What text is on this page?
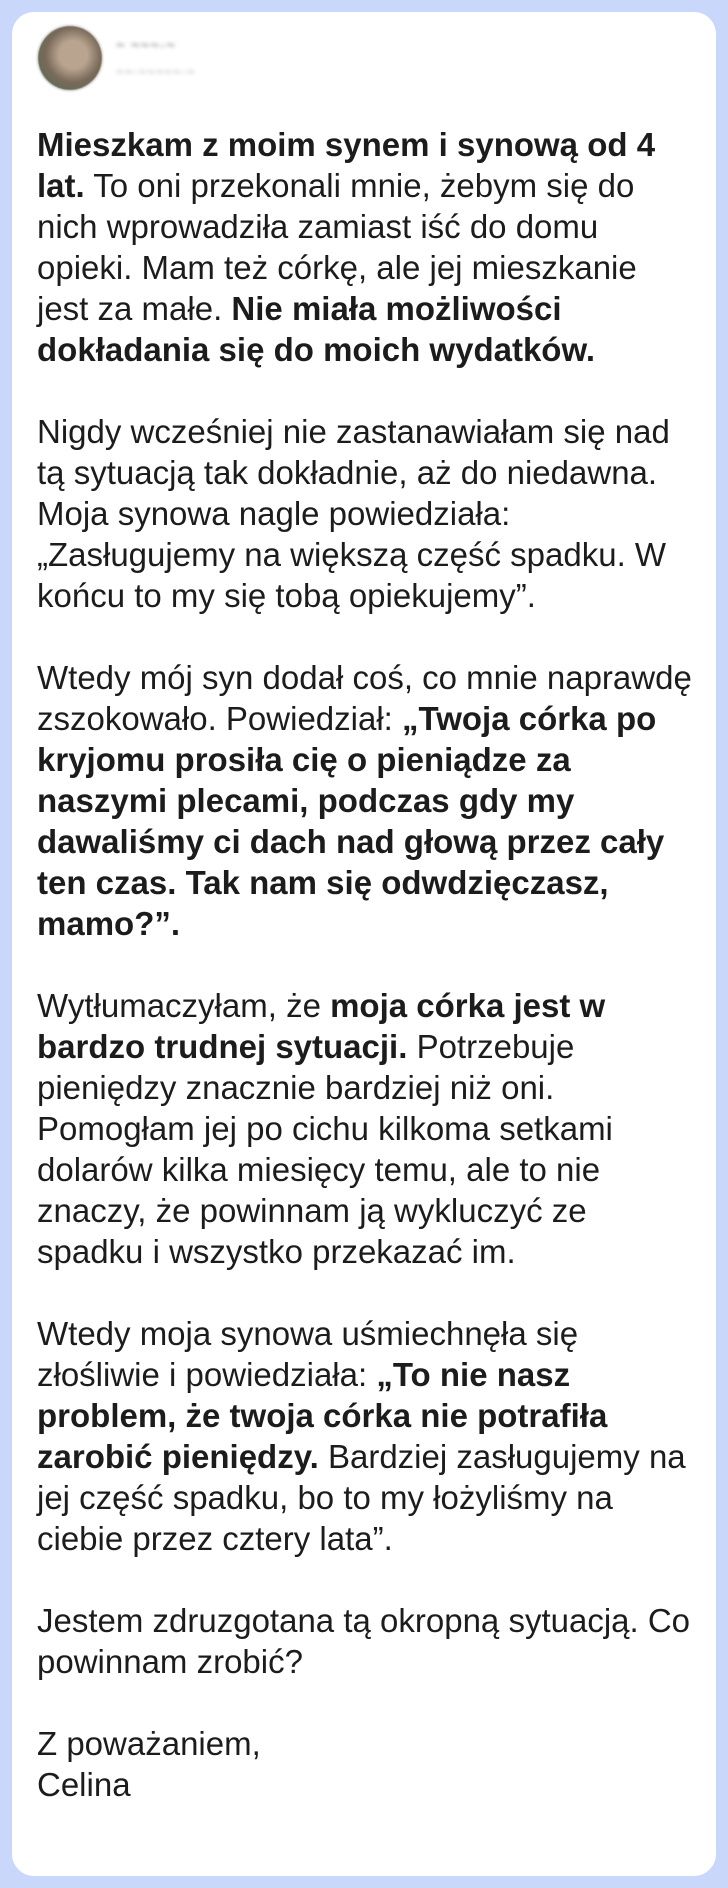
~ ~~~·~
~~·~~~~~·~

Mieszkam z moim synem i synową od 4 lat. To oni przekonali mnie, żebym się do nich wprowadziła zamiast iść do domu opieki. Mam też córkę, ale jej mieszkanie jest za małe. Nie miała możliwości dokładania się do moich wydatków.

Nigdy wcześniej nie zastanawiałam się nad tą sytuacją tak dokładnie, aż do niedawna. Moja synowa nagle powiedziała: „Zasługujemy na większą część spadku. W końcu to my się tobą opiekujemy”.

Wtedy mój syn dodał coś, co mnie naprawdę zszokowało. Powiedział: „Twoja córka po kryjomu prosiła cię o pieniądze za naszymi plecami, podczas gdy my dawaliśmy ci dach nad głową przez cały ten czas. Tak nam się odwdzięczasz, mamo?”.

Wytłumaczyłam, że moja córka jest w bardzo trudnej sytuacji. Potrzebuje pieniędzy znacznie bardziej niż oni. Pomogłam jej po cichu kilkoma setkami dolarów kilka miesięcy temu, ale to nie znaczy, że powinnam ją wykluczyć ze spadku i wszystko przekazać im.

Wtedy moja synowa uśmiechnęła się złośliwie i powiedziała: „To nie nasz problem, że twoja córka nie potrafiła zarobić pieniędzy. Bardziej zasługujemy na jej część spadku, bo to my łożyliśmy na ciebie przez cztery lata”.

Jestem zdruzgotana tą okropną sytuacją. Co powinnam zrobić?

Z poważaniem,
Celina
